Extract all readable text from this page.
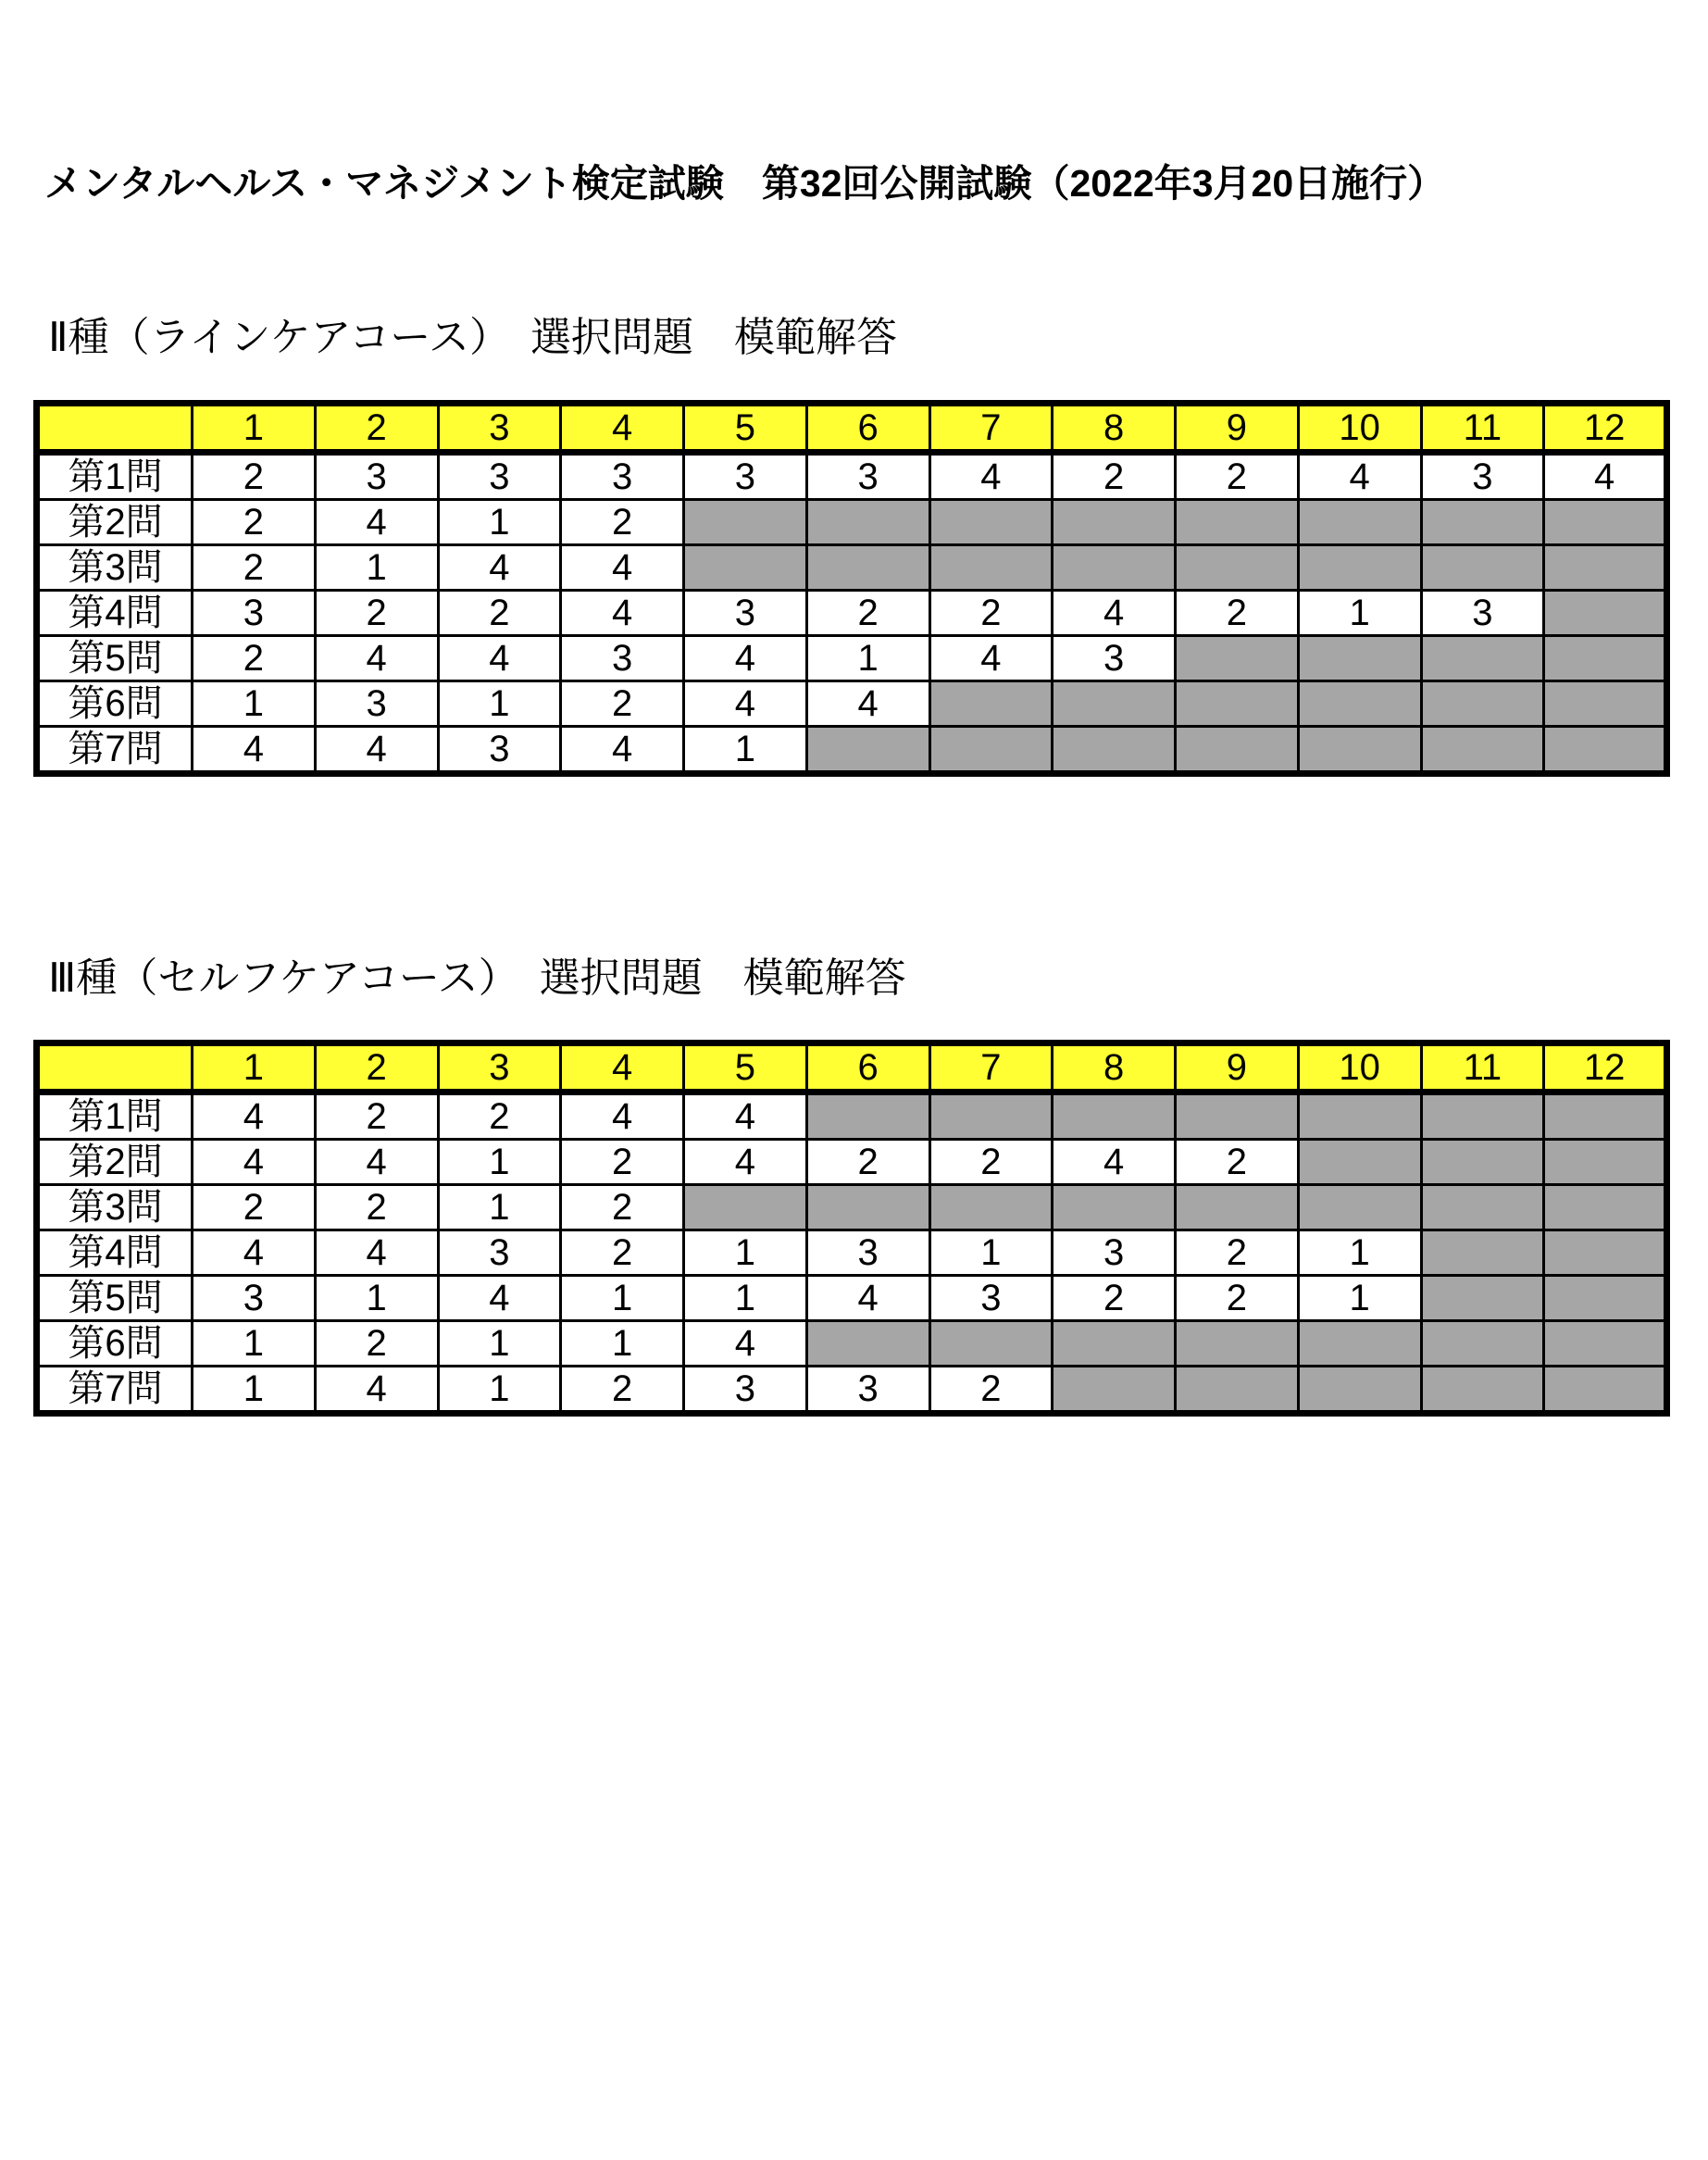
メンタルヘルス・マネジメント検定試験　第32回公開試験（2022年3月20日施行）
Ⅱ種（ラインケアコース）　選択問題　模範解答
	1	2	3	4	5	6	7	8	9	10	11	12
第1問	2	3	3	3	3	3	4	2	2	4	3	4
第2問	2	4	1	2								
第3問	2	1	4	4								
第4問	3	2	2	4	3	2	2	4	2	1	3	
第5問	2	4	4	3	4	1	4	3				
第6問	1	3	1	2	4	4						
第7問	4	4	3	4	1							
Ⅲ種（セルフケアコース）　選択問題　模範解答
	1	2	3	4	5	6	7	8	9	10	11	12
第1問	4	2	2	4	4							
第2問	4	4	1	2	4	2	2	4	2			
第3問	2	2	1	2								
第4問	4	4	3	2	1	3	1	3	2	1		
第5問	3	1	4	1	1	4	3	2	2	1		
第6問	1	2	1	1	4							
第7問	1	4	1	2	3	3	2					
